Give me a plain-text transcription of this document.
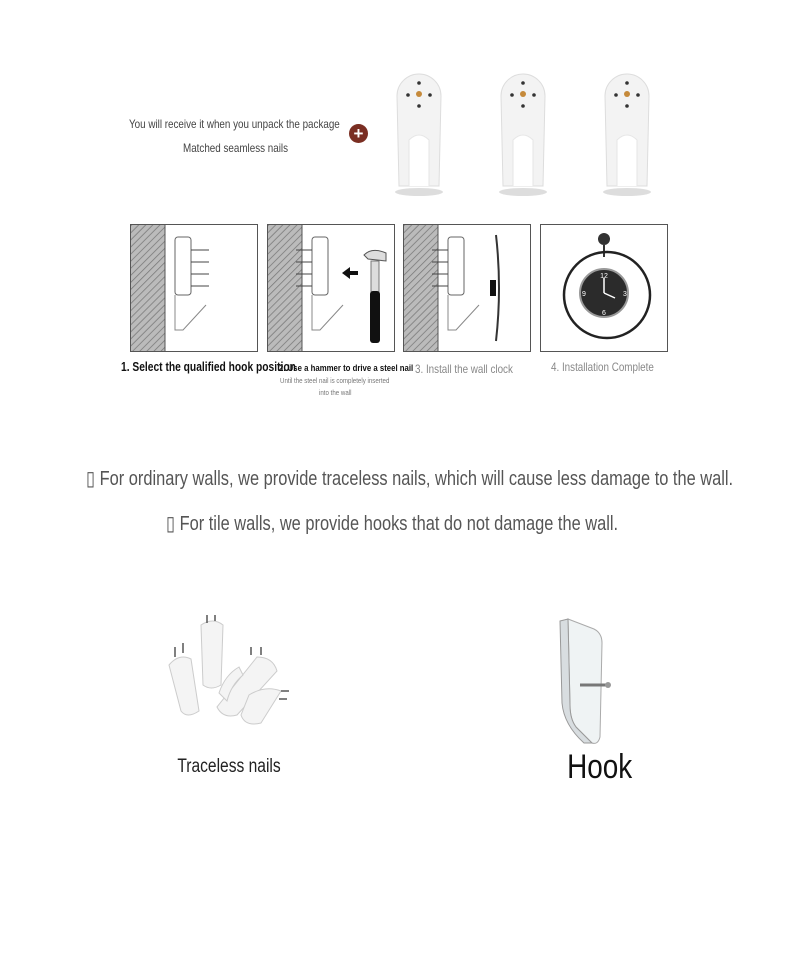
You will receive it when you unpack the package
Matched seamless nails
+
12
6
9	3
1. Select the qualified hook position
2. Use a hammer to drive a steel nail
Until the steel nail is completely inserted
into the wall
3. Install the wall clock	4. Installation Complete
▯ For ordinary walls, we provide traceless nails, which will cause less damage to the wall.
▯ For tile walls, we provide hooks that do not damage the wall.
Traceless nails	Hook
